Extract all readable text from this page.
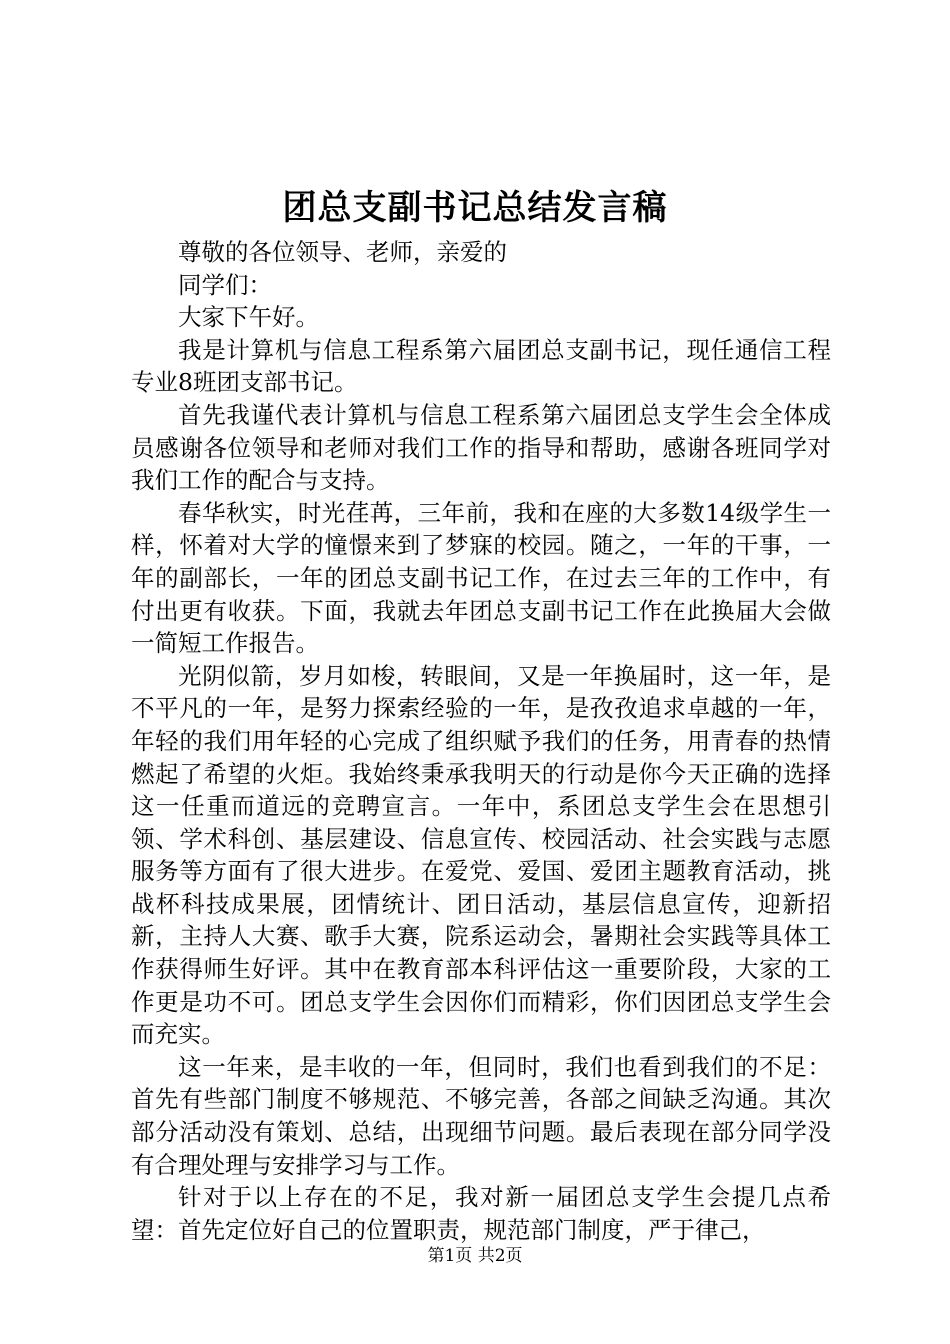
团总支副书记总结发言稿

尊敬的各位领导、老师，亲爱的

同学们：

大家下午好。

我是计算机与信息工程系第六届团总支副书记，现任通信工程专业8班团支部书记。

首先我谨代表计算机与信息工程系第六届团总支学生会全体成员感谢各位领导和老师对我们工作的指导和帮助，感谢各班同学对我们工作的配合与支持。

春华秋实，时光荏苒，三年前，我和在座的大多数14级学生一样，怀着对大学的憧憬来到了梦寐的校园。随之，一年的干事，一年的副部长，一年的团总支副书记工作，在过去三年的工作中，有付出更有收获。下面，我就去年团总支副书记工作在此换届大会做一简短工作报告。

光阴似箭，岁月如梭，转眼间，又是一年换届时，这一年，是不平凡的一年，是努力探索经验的一年，是孜孜追求卓越的一年，年轻的我们用年轻的心完成了组织赋予我们的任务，用青春的热情燃起了希望的火炬。我始终秉承我明天的行动是你今天正确的选择这一任重而道远的竞聘宣言。一年中，系团总支学生会在思想引领、学术科创、基层建设、信息宣传、校园活动、社会实践与志愿服务等方面有了很大进步。在爱党、爱国、爱团主题教育活动，挑战杯科技成果展，团情统计、团日活动，基层信息宣传，迎新招新，主持人大赛、歌手大赛，院系运动会，暑期社会实践等具体工作获得师生好评。其中在教育部本科评估这一重要阶段，大家的工作更是功不可。团总支学生会因你们而精彩，你们因团总支学生会而充实。

这一年来，是丰收的一年，但同时，我们也看到我们的不足：首先有些部门制度不够规范、不够完善，各部之间缺乏沟通。其次部分活动没有策划、总结，出现细节问题。最后表现在部分同学没有合理处理与安排学习与工作。

针对于以上存在的不足，我对新一届团总支学生会提几点希望：首先定位好自己的位置职责，规范部门制度，严于律己，

第1页 共2页
